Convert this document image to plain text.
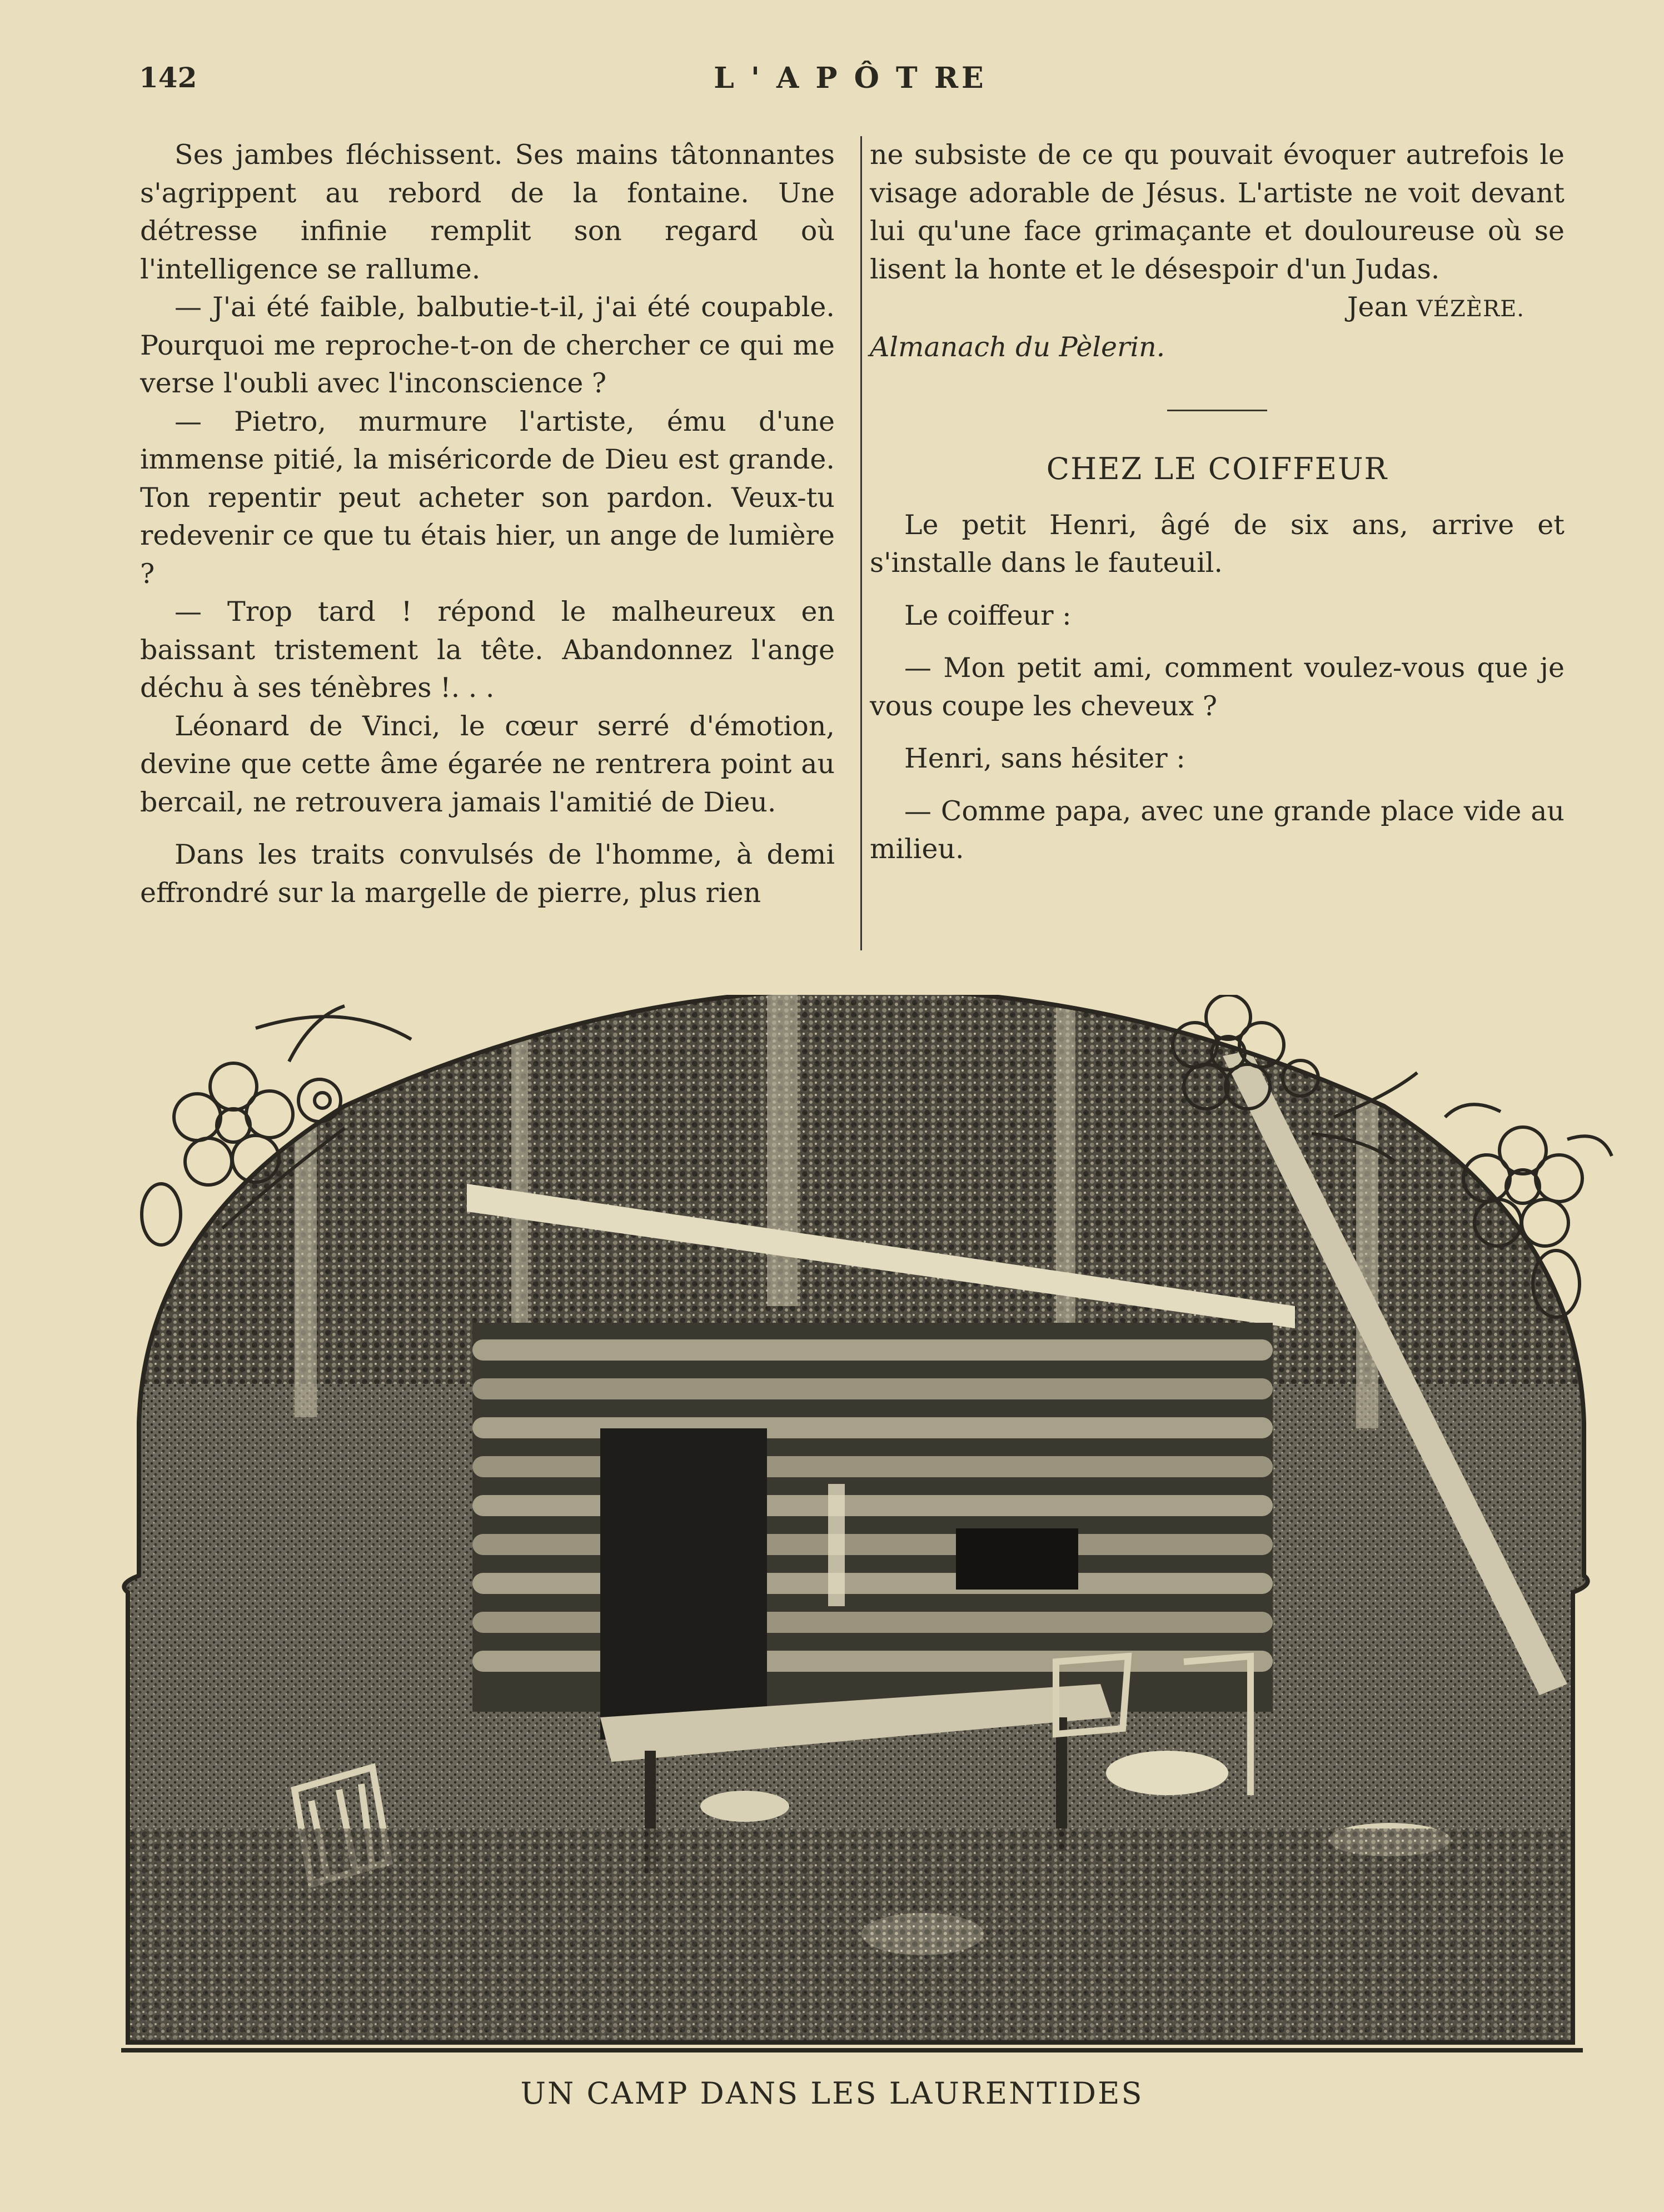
142	L ' A P Ô T RE

Ses jambes fléchissent. Ses mains tâtonnantes s'agrippent au rebord de la fontaine. Une détresse infinie remplit son regard où l'intelligence se rallume.

— J'ai été faible, balbutie-t-il, j'ai été coupable. Pourquoi me reproche-t-on de chercher ce qui me verse l'oubli avec l'inconscience ?

— Pietro, murmure l'artiste, ému d'une immense pitié, la miséricorde de Dieu est grande. Ton repentir peut acheter son pardon. Veux-tu redevenir ce que tu étais hier, un ange de lumière ?

— Trop tard ! répond le malheureux en baissant tristement la tête. Abandonnez l'ange déchu à ses ténèbres !. . .

Léonard de Vinci, le cœur serré d'émotion, devine que cette âme égarée ne rentrera point au bercail, ne retrouvera jamais l'amitié de Dieu.

Dans les traits convulsés de l'homme, à demi effrondré sur la margelle de pierre, plus rien

ne subsiste de ce qu pouvait évoquer autrefois le visage adorable de Jésus. L'artiste ne voit devant lui qu'une face grimaçante et douloureuse où se lisent la honte et le désespoir d'un Judas.

Jean VÉZÈRE.

Almanach du Pèlerin.

CHEZ LE COIFFEUR

Le petit Henri, âgé de six ans, arrive et s'installe dans le fauteuil.

Le coiffeur :

— Mon petit ami, comment voulez-vous que je vous coupe les cheveux ?

Henri, sans hésiter :

— Comme papa, avec une grande place vide au milieu.

UN CAMP DANS LES LAURENTIDES
